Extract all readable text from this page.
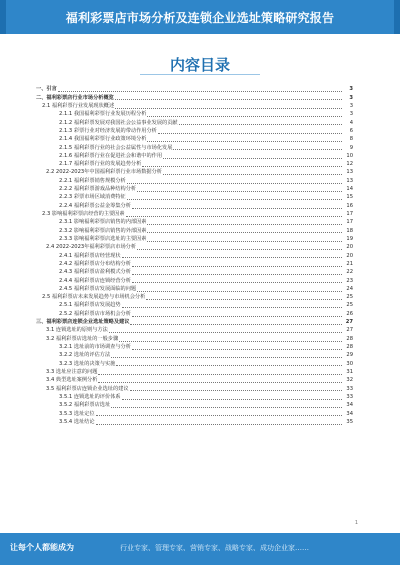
福利彩票店市场分析及连锁企业选址策略研究报告
内容目录
一、引言	3
二、福利彩票店行业市场分析概览	3
2.1 福利彩票行业发展现状概述	3
2.1.1 我国福利彩票行业发展历程分析	3
2.1.2 福利彩票发展对我国社会公益事业发展的贡献	4
2.1.3 彩票行业对经济发展的带动作用分析	6
2.1.4 我国福利彩票行业政策环境分析	8
2.1.5 福利彩票行业的社会公益属性与市场化发展	9
2.1.6 福利彩票行业在促进社会和谐中的作用	10
2.1.7 福利彩票行业的发展趋势分析	12
2.2 2022-2023年中国福利彩票行业市场数据分析	13
2.2.1 福利彩票销售规模分析	13
2.2.2 福利彩票游戏品种结构分析	14
2.2.3 彩票市场区域消费特征	15
2.2.4 福利彩票公益金筹集分析	16
2.3 影响福利彩票店经营的主要因素	17
2.3.1 影响福利彩票店销售的内部因素	17
2.3.2 影响福利彩票店销售的外部因素	18
2.3.3 影响福利彩票店选址的主要因素	19
2.4 2022-2023年福利彩票店市场分析	20
2.4.1 福利彩票店经营现状	20
2.4.2 福利彩票店分布结构分析	21
2.4.3 福利彩票店盈利模式分析	22
2.4.4 福利彩票店连锁经营分析	23
2.4.5 福利彩票店发展面临的问题	24
2.5 福利彩票店未来发展趋势与市场机会分析	25
2.5.1 福利彩票店发展趋势	25
2.5.2 福利彩票店市场机会分析	26
三、福利彩票店连锁企业选址策略及建议	27
3.1 连锁选址的原则与方法	27
3.2 福利彩票店选址的一般步骤	28
3.2.1 选址前的市场调查与分析	28
3.2.2 选址的评估方法	29
3.2.3 选址的决策与实施	30
3.3 选址应注意的问题	31
3.4 典型选址案例分析	32
3.5 福利彩票店连锁企业选址的建议	33
3.5.1 连锁选址的评价体系	33
3.5.2 福利彩票店选址	34
3.5.3 选址定位	34
3.5.4 选址结论	35
1
让每个人都能成为	行业专家、管理专家、营销专家、战略专家、成功企业家……
